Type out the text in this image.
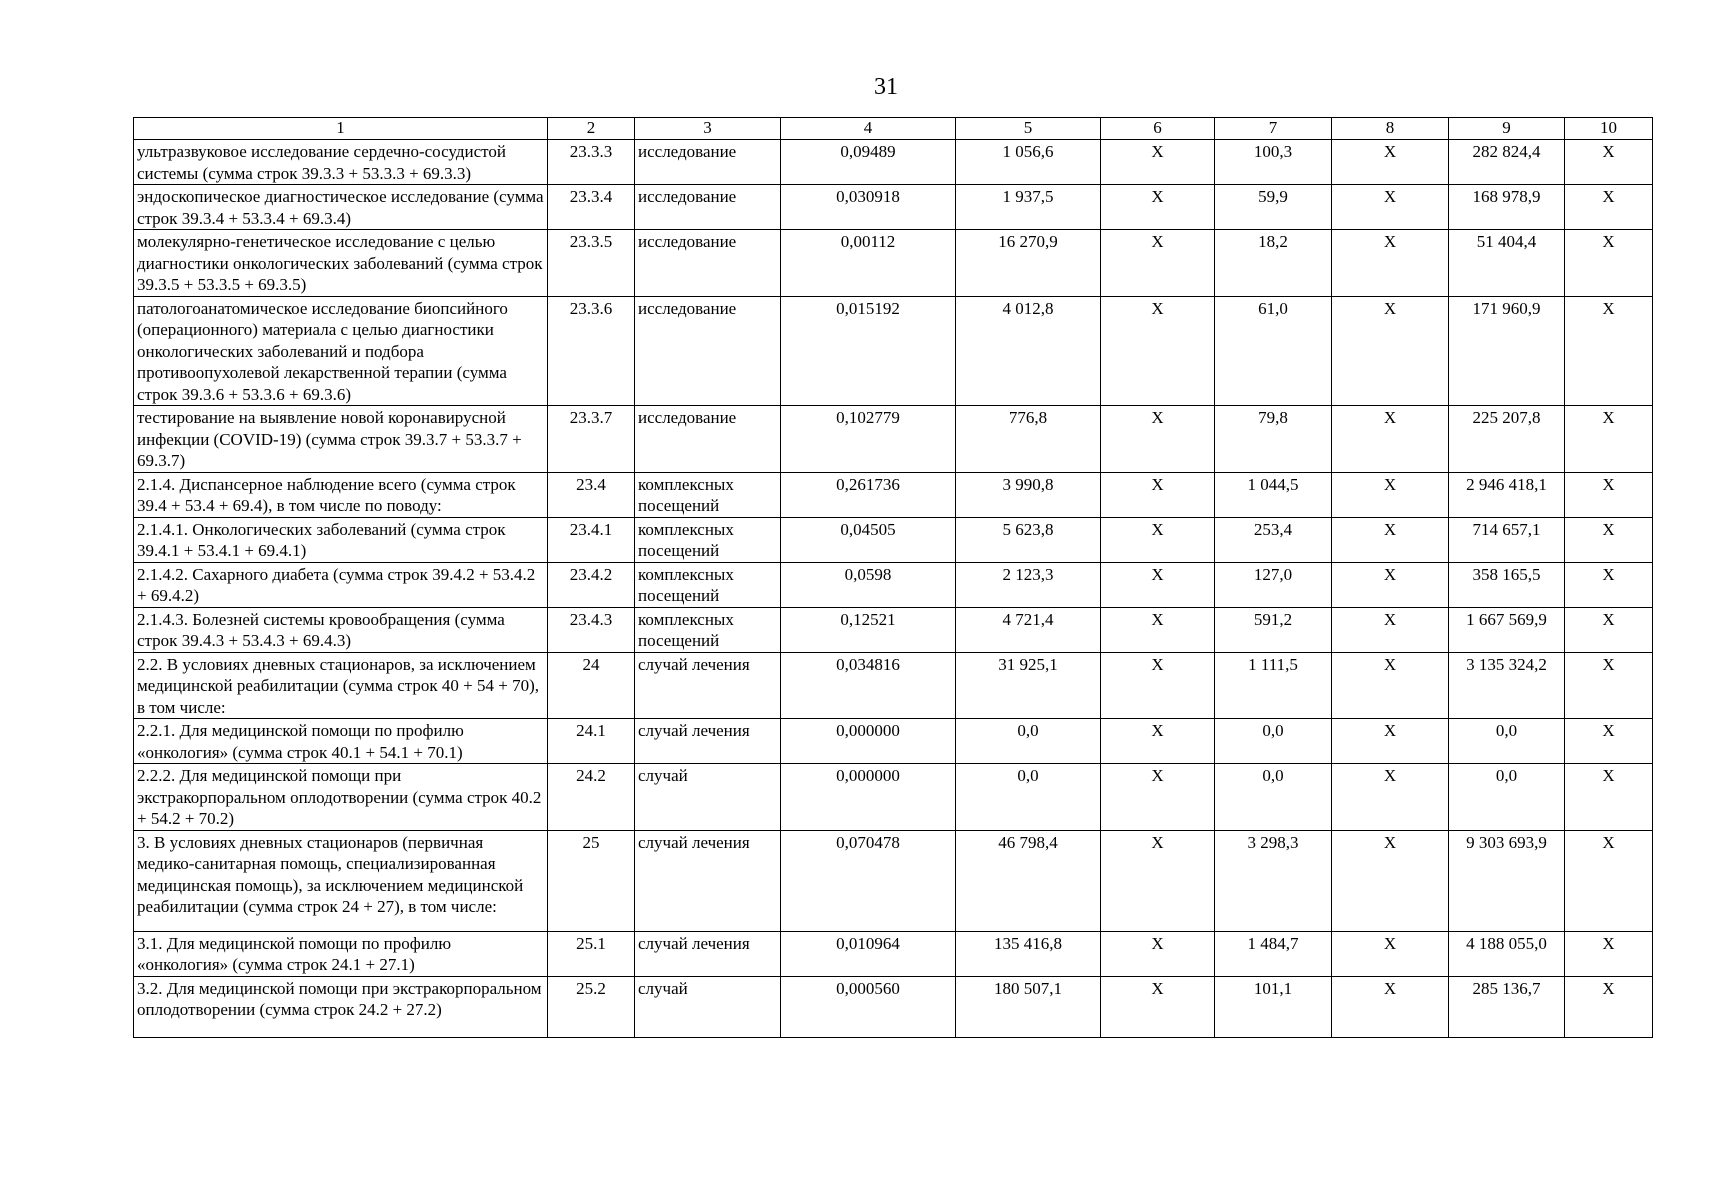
31
1	2	3	4	5	6	7	8	9	10
ультразвуковое исследование сердечно-сосудистой системы (сумма строк 39.3.3 + 53.3.3 + 69.3.3)	23.3.3	исследование	0,09489	1 056,6	Х	100,3	Х	282 824,4	Х
эндоскопическое диагностическое исследование (сумма строк 39.3.4 + 53.3.4 + 69.3.4)	23.3.4	исследование	0,030918	1 937,5	Х	59,9	Х	168 978,9	Х
молекулярно-генетическое исследование с целью диагностики онкологических заболеваний (сумма строк 39.3.5 + 53.3.5 + 69.3.5)	23.3.5	исследование	0,00112	16 270,9	Х	18,2	Х	51 404,4	Х
патологоанатомическое исследование биопсийного (операционного) материала с целью диагностики онкологических заболеваний и подбора противоопухолевой лекарственной терапии (сумма строк 39.3.6 + 53.3.6 + 69.3.6)	23.3.6	исследование	0,015192	4 012,8	Х	61,0	Х	171 960,9	Х
тестирование на выявление новой коронавирусной инфекции (COVID-19) (сумма строк 39.3.7 + 53.3.7 + 69.3.7)	23.3.7	исследование	0,102779	776,8	Х	79,8	Х	225 207,8	Х
2.1.4. Диспансерное наблюдение всего (сумма строк 39.4 + 53.4 + 69.4), в том числе по поводу:	23.4	комплексных посещений	0,261736	3 990,8	Х	1 044,5	Х	2 946 418,1	Х
2.1.4.1. Онкологических заболеваний (сумма строк 39.4.1 + 53.4.1 + 69.4.1)	23.4.1	комплексных посещений	0,04505	5 623,8	Х	253,4	Х	714 657,1	Х
2.1.4.2. Сахарного диабета (сумма строк 39.4.2 + 53.4.2 + 69.4.2)	23.4.2	комплексных посещений	0,0598	2 123,3	Х	127,0	Х	358 165,5	Х
2.1.4.3. Болезней системы кровообращения (сумма строк 39.4.3 + 53.4.3 + 69.4.3)	23.4.3	комплексных посещений	0,12521	4 721,4	Х	591,2	Х	1 667 569,9	Х
2.2. В условиях дневных стационаров, за исключением медицинской реабилитации (сумма строк 40 + 54 + 70), в том числе:	24	случай лечения	0,034816	31 925,1	Х	1 111,5	Х	3 135 324,2	Х
2.2.1. Для медицинской помощи по профилю «онкология» (сумма строк 40.1 + 54.1 + 70.1)	24.1	случай лечения	0,000000	0,0	Х	0,0	Х	0,0	Х
2.2.2. Для медицинской помощи при экстракорпоральном оплодотворении (сумма строк 40.2 + 54.2 + 70.2)	24.2	случай	0,000000	0,0	Х	0,0	Х	0,0	Х
3. В условиях дневных стационаров (первичная медико-санитарная помощь, специализированная медицинская помощь), за исключением медицинской реабилитации (сумма строк 24 + 27), в том числе:	25	случай лечения	0,070478	46 798,4	Х	3 298,3	Х	9 303 693,9	Х
3.1. Для медицинской помощи по профилю «онкология» (сумма строк 24.1 + 27.1)	25.1	случай лечения	0,010964	135 416,8	Х	1 484,7	Х	4 188 055,0	Х
3.2. Для медицинской помощи при экстракорпоральном оплодотворении (сумма строк 24.2 + 27.2)	25.2	случай	0,000560	180 507,1	Х	101,1	Х	285 136,7	Х
